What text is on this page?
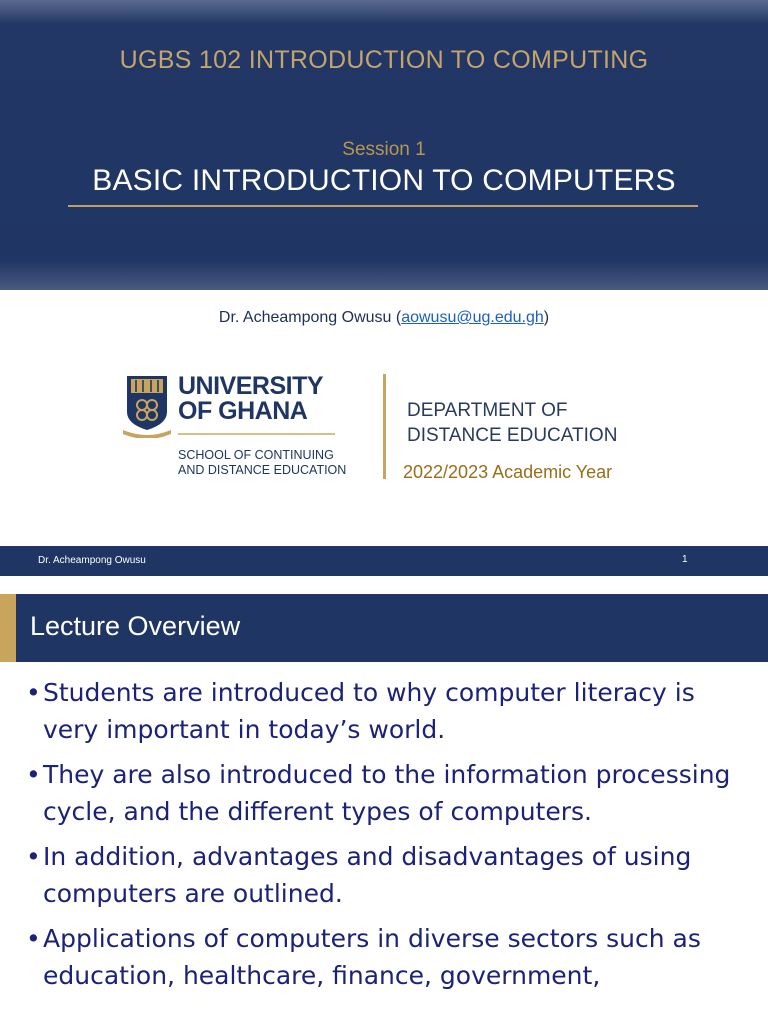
UGBS 102 INTRODUCTION TO COMPUTING
Session 1
BASIC INTRODUCTION TO COMPUTERS
Dr. Acheampong Owusu (aowusu@ug.edu.gh)
UNIVERSITY
OF GHANA
SCHOOL OF CONTINUING
AND DISTANCE EDUCATION
DEPARTMENT OF
DISTANCE EDUCATION
2022/2023 Academic Year
Dr. Acheampong Owusu	1
Lecture Overview
• Students are introduced to why computer literacy is very important in today’s world.
• They are also introduced to the information processing cycle, and the different types of computers.
• In addition, advantages and disadvantages of using computers are outlined.
• Applications of computers in diverse sectors such as education, healthcare, finance, government,
